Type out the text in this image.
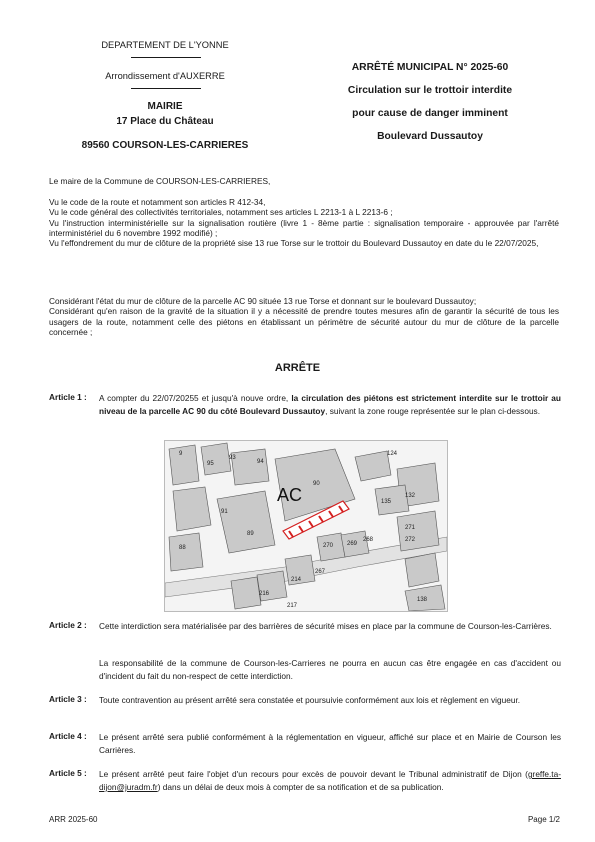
DEPARTEMENT DE L'YONNE
Arrondissement d'AUXERRE
MAIRIE
17 Place du Château
89560 COURSON-LES-CARRIERES
ARRÊTÉ MUNICIPAL N° 2025-60
Circulation sur le trottoir interdite
pour cause de danger imminent
Boulevard Dussautoy
Le maire de la Commune de COURSON-LES-CARRIERES,
Vu le code de la route et notamment son articles R 412-34,
Vu le code général des collectivités territoriales, notamment ses articles L 2213-1 à L 2213-6 ;
Vu l'instruction interministérielle sur la signalisation routière (livre 1 - 8ème partie : signalisation temporaire - approuvée par l'arrêté interministériel du 6 novembre 1992 modifié) ;
Vu l'effondrement du mur de clôture de la propriété sise 13 rue Torse sur le trottoir du Boulevard Dussautoy en date du le 22/07/2025,
Considérant l'état du mur de clôture de la parcelle AC 90 située 13 rue Torse et donnant sur le boulevard Dussautoy;
Considérant qu'en raison de la gravité de la situation il y a nécessité de prendre toutes mesures afin de garantir la sécurité de tous les usagers de la route, notamment celle des piétons en établissant un périmètre de sécurité autour du mur de clôture de la parcelle concernée ;
ARRÊTE
Article 1 : A compter du 22/07/20255 et jusqu'à nouve ordre, la circulation des piétons est strictement interdite sur le trottoir au niveau de la parcelle AC 90 du côté Boulevard Dussautoy, suivant la zone rouge représentée sur le plan ci-dessous.
AC
93
94
95
91
89
88
90
124
132
135
271
272
270 269
268
267
214
217
216
138
9
Article 2 : Cette interdiction sera matérialisée par des barrières de sécurité mises en place par la commune de Courson-les-Carrières.
La responsabilité de la commune de Courson-les-Carrieres ne pourra en aucun cas être engagée en cas d'accident ou d'incident du fait du non-respect de cette interdiction.
Article 3 : Toute contravention au présent arrêté sera constatée et poursuivie conformément aux lois et règlement en vigueur.
Article 4 : Le présent arrêté sera publié conformément à la réglementation en vigueur, affiché sur place et en Mairie de Courson les Carrières.
Article 5 : Le présent arrêté peut faire l'objet d'un recours pour excès de pouvoir devant le Tribunal administratif de Dijon (greffe.ta-dijon@juradm.fr) dans un délai de deux mois à compter de sa notification et de sa publication.
ARR 2025-60	Page 1/2
